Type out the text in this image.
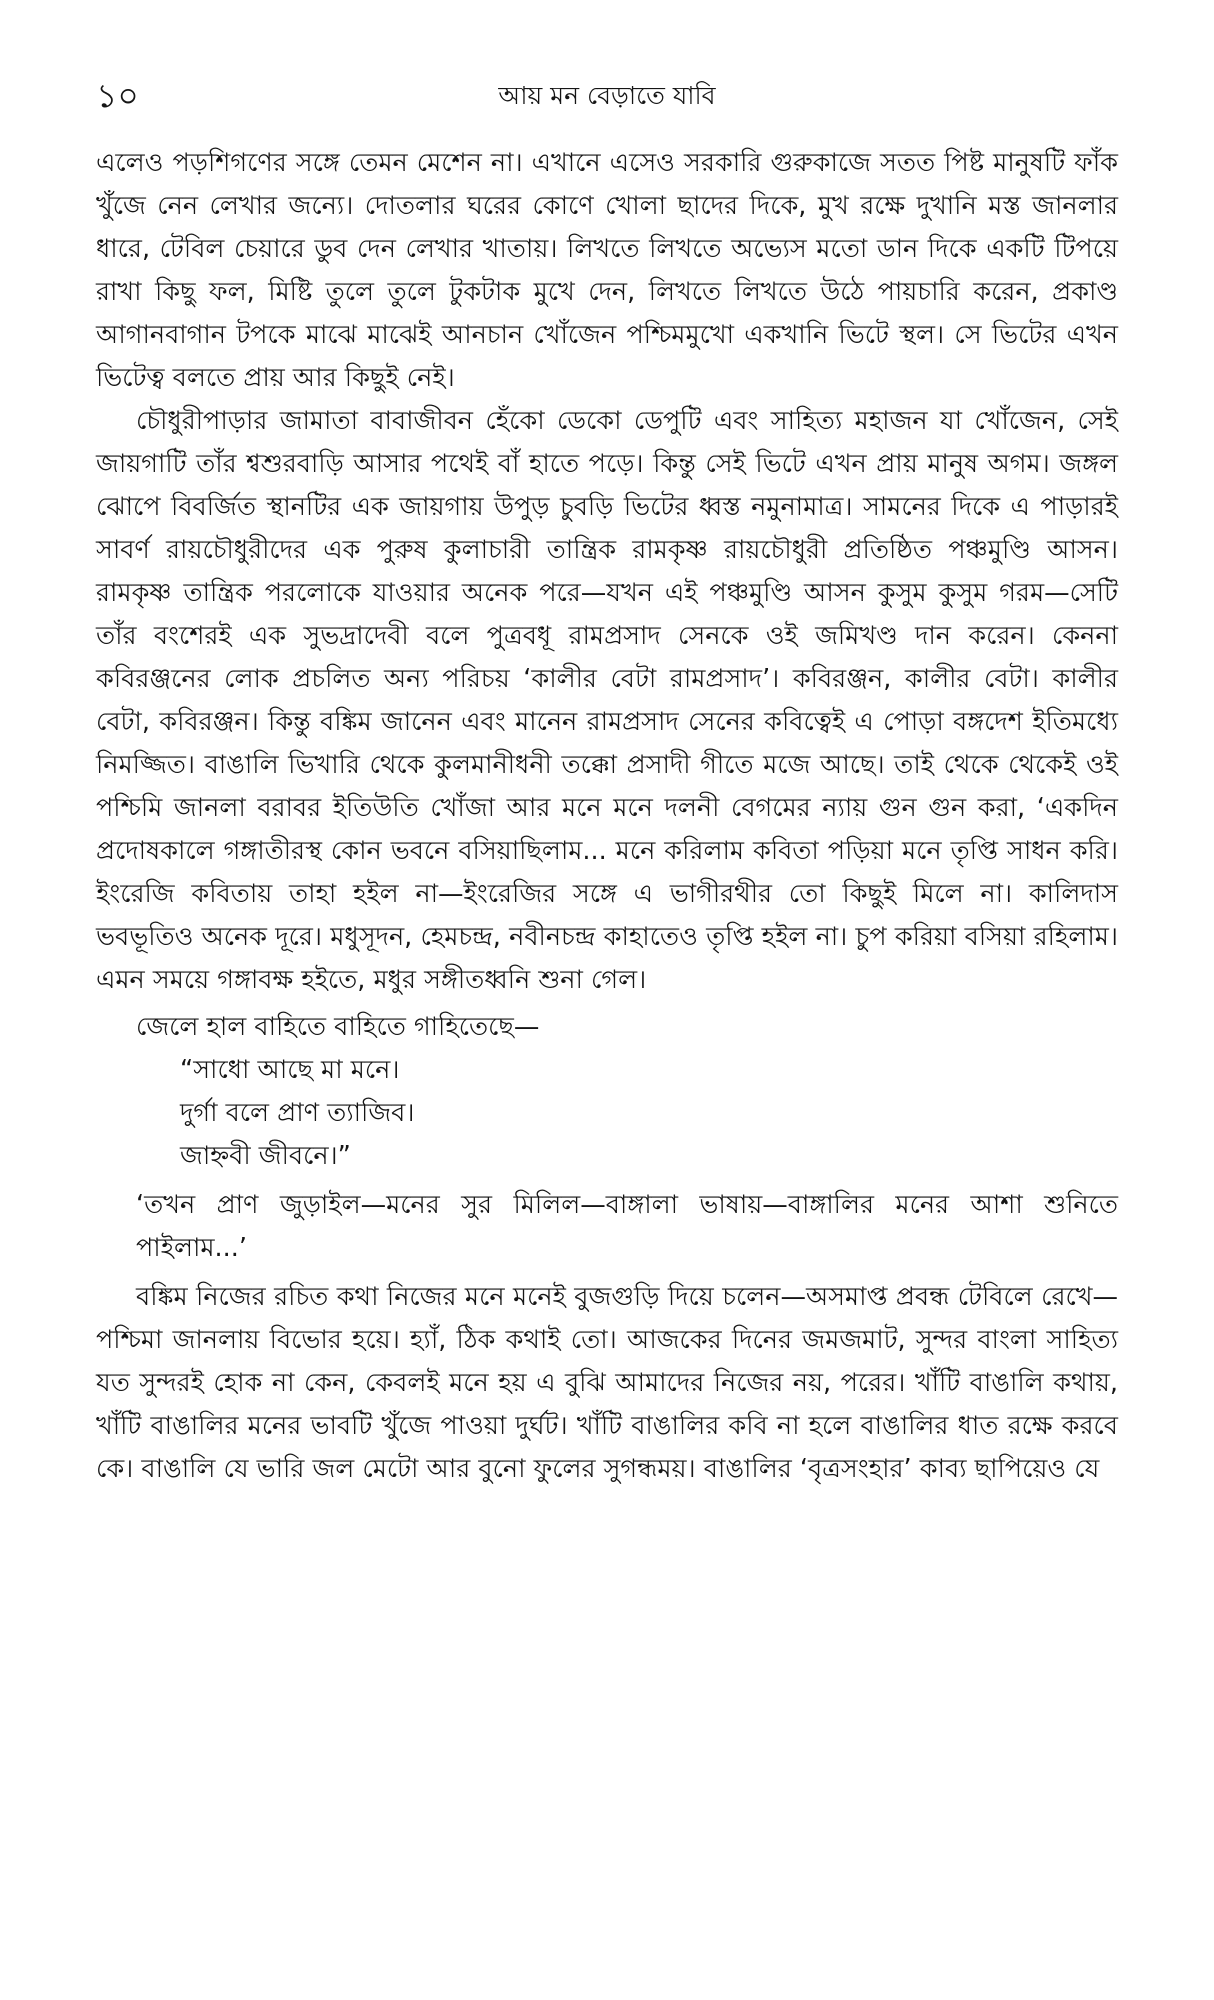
১০	আয় মন বেড়াতে যাবি

এলেও পড়শিগণের সঙ্গে তেমন মেশেন না। এখানে এসেও সরকারি গুরুকাজে সতত পিষ্ট মানুষটি ফাঁক খুঁজে নেন লেখার জন্যে। দোতলার ঘরের কোণে খোলা ছাদের দিকে, মুখ রক্ষে দুখানি মস্ত জানলার ধারে, টেবিল চেয়ারে ডুব দেন লেখার খাতায়। লিখতে লিখতে অভ্যেস মতো ডান দিকে একটি টিপয়ে রাখা কিছু ফল, মিষ্টি তুলে তুলে টুকটাক মুখে দেন, লিখতে লিখতে উঠে পায়চারি করেন, প্রকাণ্ড আগানবাগান টপকে মাঝে মাঝেই আনচান খোঁজেন পশ্চিমমুখো একখানি ভিটে স্থল। সে ভিটের এখন ভিটেত্ব বলতে প্রায় আর কিছুই নেই।

চৌধুরীপাড়ার জামাতা বাবাজীবন হেঁকো ডেকো ডেপুটি এবং সাহিত্য মহাজন যা খোঁজেন, সেই জায়গাটি তাঁর শ্বশুরবাড়ি আসার পথেই বাঁ হাতে পড়ে। কিন্তু সেই ভিটে এখন প্রায় মানুষ অগম। জঙ্গল ঝোপে বিবর্জিত স্থানটির এক জায়গায় উপুড় চুবড়ি ভিটের ধ্বস্ত নমুনামাত্র। সামনের দিকে এ পাড়ারই সাবর্ণ রায়চৌধুরীদের এক পুরুষ কুলাচারী তান্ত্রিক রামকৃষ্ণ রায়চৌধুরী প্রতিষ্ঠিত পঞ্চমুণ্ডি আসন। রামকৃষ্ণ তান্ত্রিক পরলোকে যাওয়ার অনেক পরে—যখন এই পঞ্চমুণ্ডি আসন কুসুম কুসুম গরম—সেটি তাঁর বংশেরই এক সুভদ্রাদেবী বলে পুত্রবধূ রামপ্রসাদ সেনকে ওই জমিখণ্ড দান করেন। কেননা কবিরঞ্জনের লোক প্রচলিত অন্য পরিচয় ‘কালীর বেটা রামপ্রসাদ’। কবিরঞ্জন, কালীর বেটা। কালীর বেটা, কবিরঞ্জন। কিন্তু বঙ্কিম জানেন এবং মানেন রামপ্রসাদ সেনের কবিত্বেই এ পোড়া বঙ্গদেশ ইতিমধ্যে নিমজ্জিত। বাঙালি ভিখারি থেকে কুলমানীধনী তক্কো প্রসাদী গীতে মজে আছে। তাই থেকে থেকেই ওই পশ্চিমি জানলা বরাবর ইতিউতি খোঁজা আর মনে মনে দলনী বেগমের ন্যায় গুন গুন করা, ‘একদিন প্রদোষকালে গঙ্গাতীরস্থ কোন ভবনে বসিয়াছিলাম... মনে করিলাম কবিতা পড়িয়া মনে তৃপ্তি সাধন করি। ইংরেজি কবিতায় তাহা হইল না—ইংরেজির সঙ্গে এ ভাগীরথীর তো কিছুই মিলে না। কালিদাস ভবভূতিও অনেক দূরে। মধুসূদন, হেমচন্দ্র, নবীনচন্দ্র কাহাতেও তৃপ্তি হইল না। চুপ করিয়া বসিয়া রহিলাম। এমন সময়ে গঙ্গাবক্ষ হইতে, মধুর সঙ্গীতধ্বনি শুনা গেল।

জেলে হাল বাহিতে বাহিতে গাহিতেছে—

“সাধো আছে মা মনে।
দুর্গা বলে প্রাণ ত্যাজিব।
জাহ্নবী জীবনে।”

‘তখন প্রাণ জুড়াইল—মনের সুর মিলিল—বাঙ্গালা ভাষায়—বাঙ্গালির মনের আশা শুনিতে পাইলাম...’

বঙ্কিম নিজের রচিত কথা নিজের মনে মনেই বুজগুড়ি দিয়ে চলেন—অসমাপ্ত প্রবন্ধ টেবিলে রেখে—পশ্চিমা জানলায় বিভোর হয়ে। হ্যাঁ, ঠিক কথাই তো। আজকের দিনের জমজমাট, সুন্দর বাংলা সাহিত্য যত সুন্দরই হোক না কেন, কেবলই মনে হয় এ বুঝি আমাদের নিজের নয়, পরের। খাঁটি বাঙালি কথায়, খাঁটি বাঙালির মনের ভাবটি খুঁজে পাওয়া দুর্ঘট। খাঁটি বাঙালির কবি না হলে বাঙালির ধাত রক্ষে করবে কে। বাঙালি যে ভারি জল মেটো আর বুনো ফুলের সুগন্ধময়। বাঙালির ‘বৃত্রসংহার’ কাব্য ছাপিয়েও যে
